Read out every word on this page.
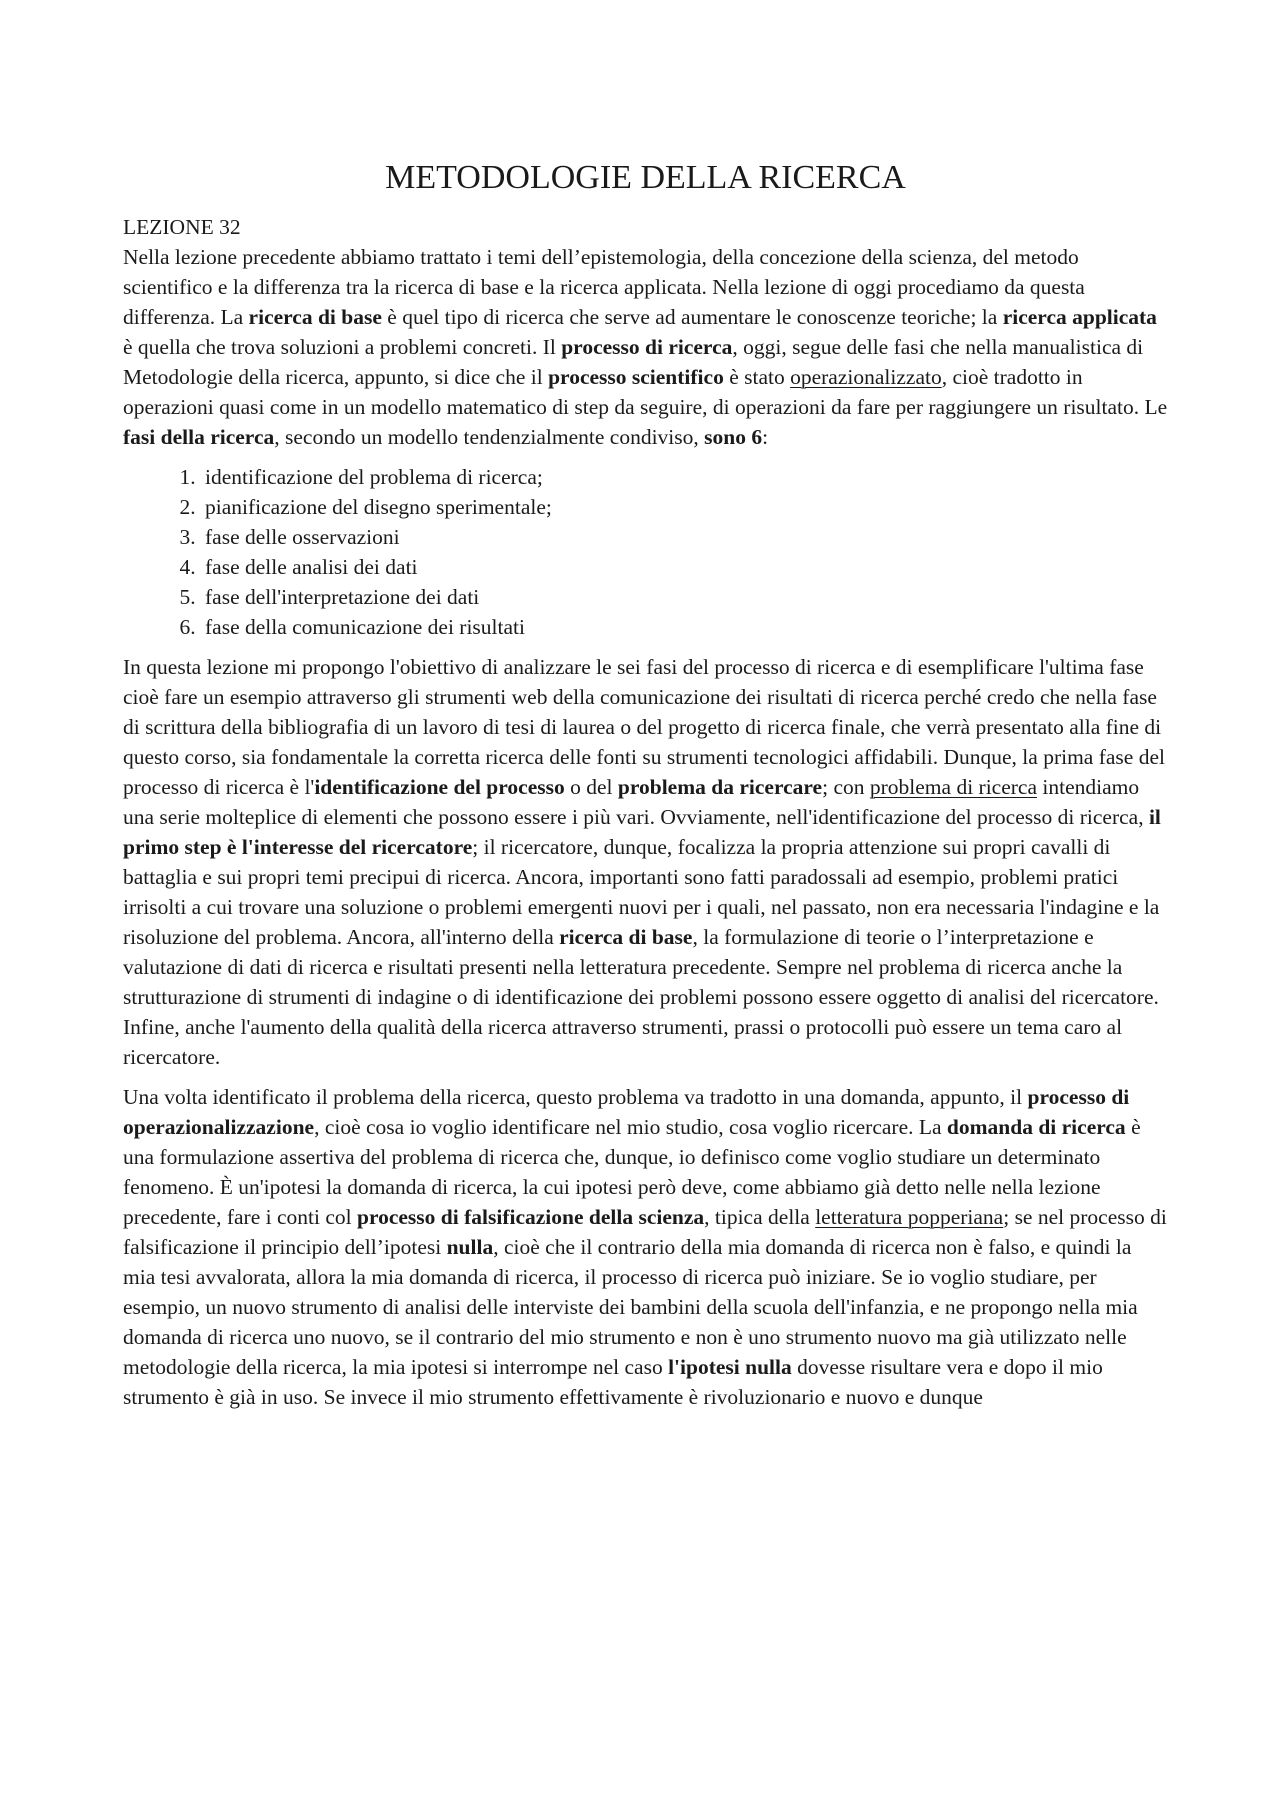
METODOLOGIE DELLA RICERCA
LEZIONE 32

Nella lezione precedente abbiamo trattato i temi dell’epistemologia, della concezione della scienza, del metodo scientifico e la differenza tra la ricerca di base e la ricerca applicata. Nella lezione di oggi procediamo da questa differenza. La ricerca di base è quel tipo di ricerca che serve ad aumentare le conoscenze teoriche; la ricerca applicata è quella che trova soluzioni a problemi concreti. Il processo di ricerca, oggi, segue delle fasi che nella manualistica di Metodologie della ricerca, appunto, si dice che il processo scientifico è stato operazionalizzato, cioè tradotto in operazioni quasi come in un modello matematico di step da seguire, di operazioni da fare per raggiungere un risultato. Le fasi della ricerca, secondo un modello tendenzialmente condiviso, sono 6:

1. identificazione del problema di ricerca;
2. pianificazione del disegno sperimentale;
3. fase delle osservazioni
4. fase delle analisi dei dati
5. fase dell'interpretazione dei dati
6. fase della comunicazione dei risultati

In questa lezione mi propongo l'obiettivo di analizzare le sei fasi del processo di ricerca e di esemplificare l'ultima fase cioè fare un esempio attraverso gli strumenti web della comunicazione dei risultati di ricerca perché credo che nella fase di scrittura della bibliografia di un lavoro di tesi di laurea o del progetto di ricerca finale, che verrà presentato alla fine di questo corso, sia fondamentale la corretta ricerca delle fonti su strumenti tecnologici affidabili. Dunque, la prima fase del processo di ricerca è l'identificazione del processo o del problema da ricercare; con problema di ricerca intendiamo una serie molteplice di elementi che possono essere i più vari. Ovviamente, nell'identificazione del processo di ricerca, il primo step è l'interesse del ricercatore; il ricercatore, dunque, focalizza la propria attenzione sui propri cavalli di battaglia e sui propri temi precipui di ricerca. Ancora, importanti sono fatti paradossali ad esempio, problemi pratici irrisolti a cui trovare una soluzione o problemi emergenti nuovi per i quali, nel passato, non era necessaria l'indagine e la risoluzione del problema. Ancora, all'interno della ricerca di base, la formulazione di teorie o l’interpretazione e valutazione di dati di ricerca e risultati presenti nella letteratura precedente. Sempre nel problema di ricerca anche la strutturazione di strumenti di indagine o di identificazione dei problemi possono essere oggetto di analisi del ricercatore. Infine, anche l'aumento della qualità della ricerca attraverso strumenti, prassi o protocolli può essere un tema caro al ricercatore.

Una volta identificato il problema della ricerca, questo problema va tradotto in una domanda, appunto, il processo di operazionalizzazione, cioè cosa io voglio identificare nel mio studio, cosa voglio ricercare. La domanda di ricerca è una formulazione assertiva del problema di ricerca che, dunque, io definisco come voglio studiare un determinato fenomeno. È un'ipotesi la domanda di ricerca, la cui ipotesi però deve, come abbiamo già detto nelle nella lezione precedente, fare i conti col processo di falsificazione della scienza, tipica della letteratura popperiana; se nel processo di falsificazione il principio dell’ipotesi nulla, cioè che il contrario della mia domanda di ricerca non è falso, e quindi la mia tesi avvalorata, allora la mia domanda di ricerca, il processo di ricerca può iniziare. Se io voglio studiare, per esempio, un nuovo strumento di analisi delle interviste dei bambini della scuola dell'infanzia, e ne propongo nella mia domanda di ricerca uno nuovo, se il contrario del mio strumento e non è uno strumento nuovo ma già utilizzato nelle metodologie della ricerca, la mia ipotesi si interrompe nel caso l'ipotesi nulla dovesse risultare vera e dopo il mio strumento è già in uso. Se invece il mio strumento effettivamente è rivoluzionario e nuovo e dunque
